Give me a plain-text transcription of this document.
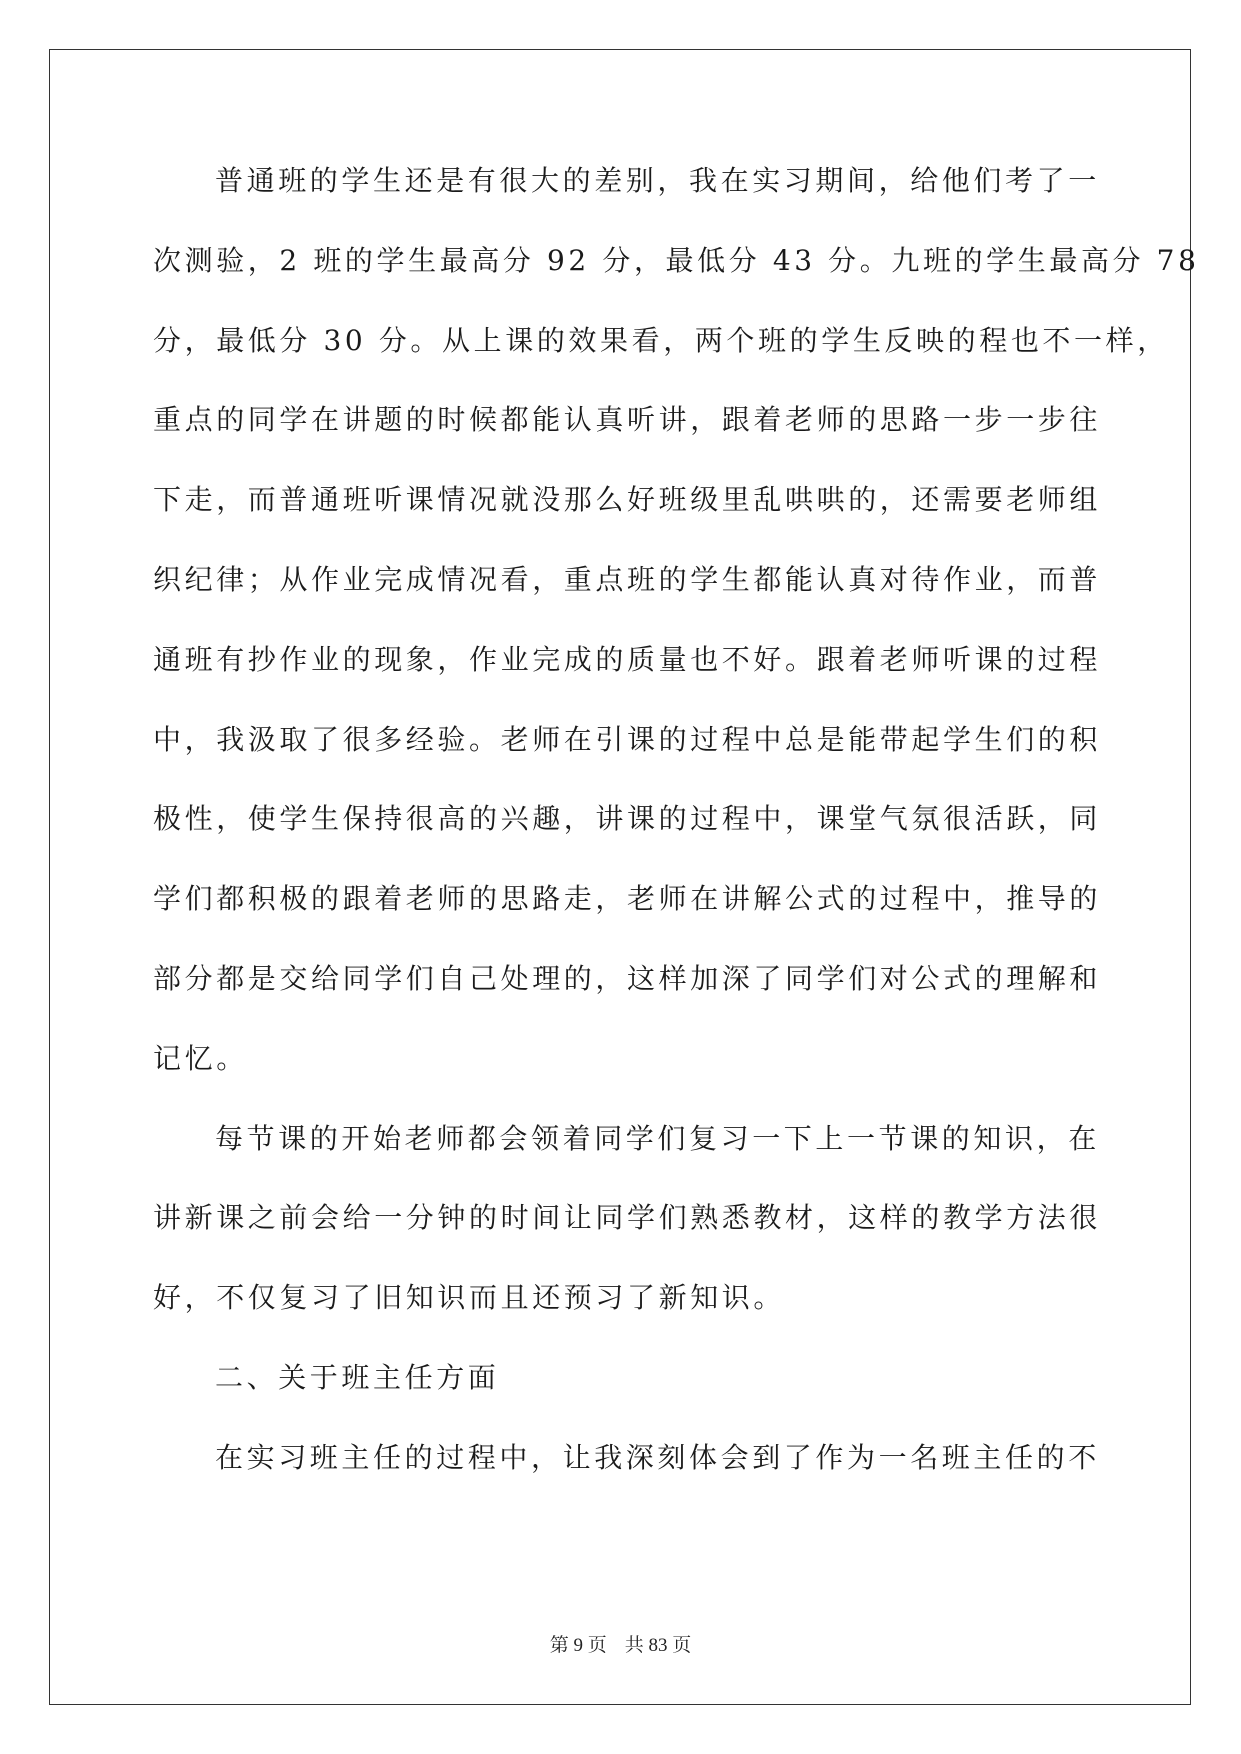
普通班的学生还是有很大的差别，我在实习期间，给他们考了一
次测验，2 班的学生最高分 92 分，最低分 43 分。九班的学生最高分 78
分，最低分 30 分。从上课的效果看，两个班的学生反映的程也不一样，
重点的同学在讲题的时候都能认真听讲，跟着老师的思路一步一步往
下走，而普通班听课情况就没那么好班级里乱哄哄的，还需要老师组
织纪律；从作业完成情况看，重点班的学生都能认真对待作业，而普
通班有抄作业的现象，作业完成的质量也不好。跟着老师听课的过程
中，我汲取了很多经验。老师在引课的过程中总是能带起学生们的积
极性，使学生保持很高的兴趣，讲课的过程中，课堂气氛很活跃，同
学们都积极的跟着老师的思路走，老师在讲解公式的过程中，推导的
部分都是交给同学们自己处理的，这样加深了同学们对公式的理解和
记忆。
每节课的开始老师都会领着同学们复习一下上一节课的知识，在
讲新课之前会给一分钟的时间让同学们熟悉教材，这样的教学方法很
好，不仅复习了旧知识而且还预习了新知识。
二、关于班主任方面
在实习班主任的过程中，让我深刻体会到了作为一名班主任的不
第 9 页 共 83 页
